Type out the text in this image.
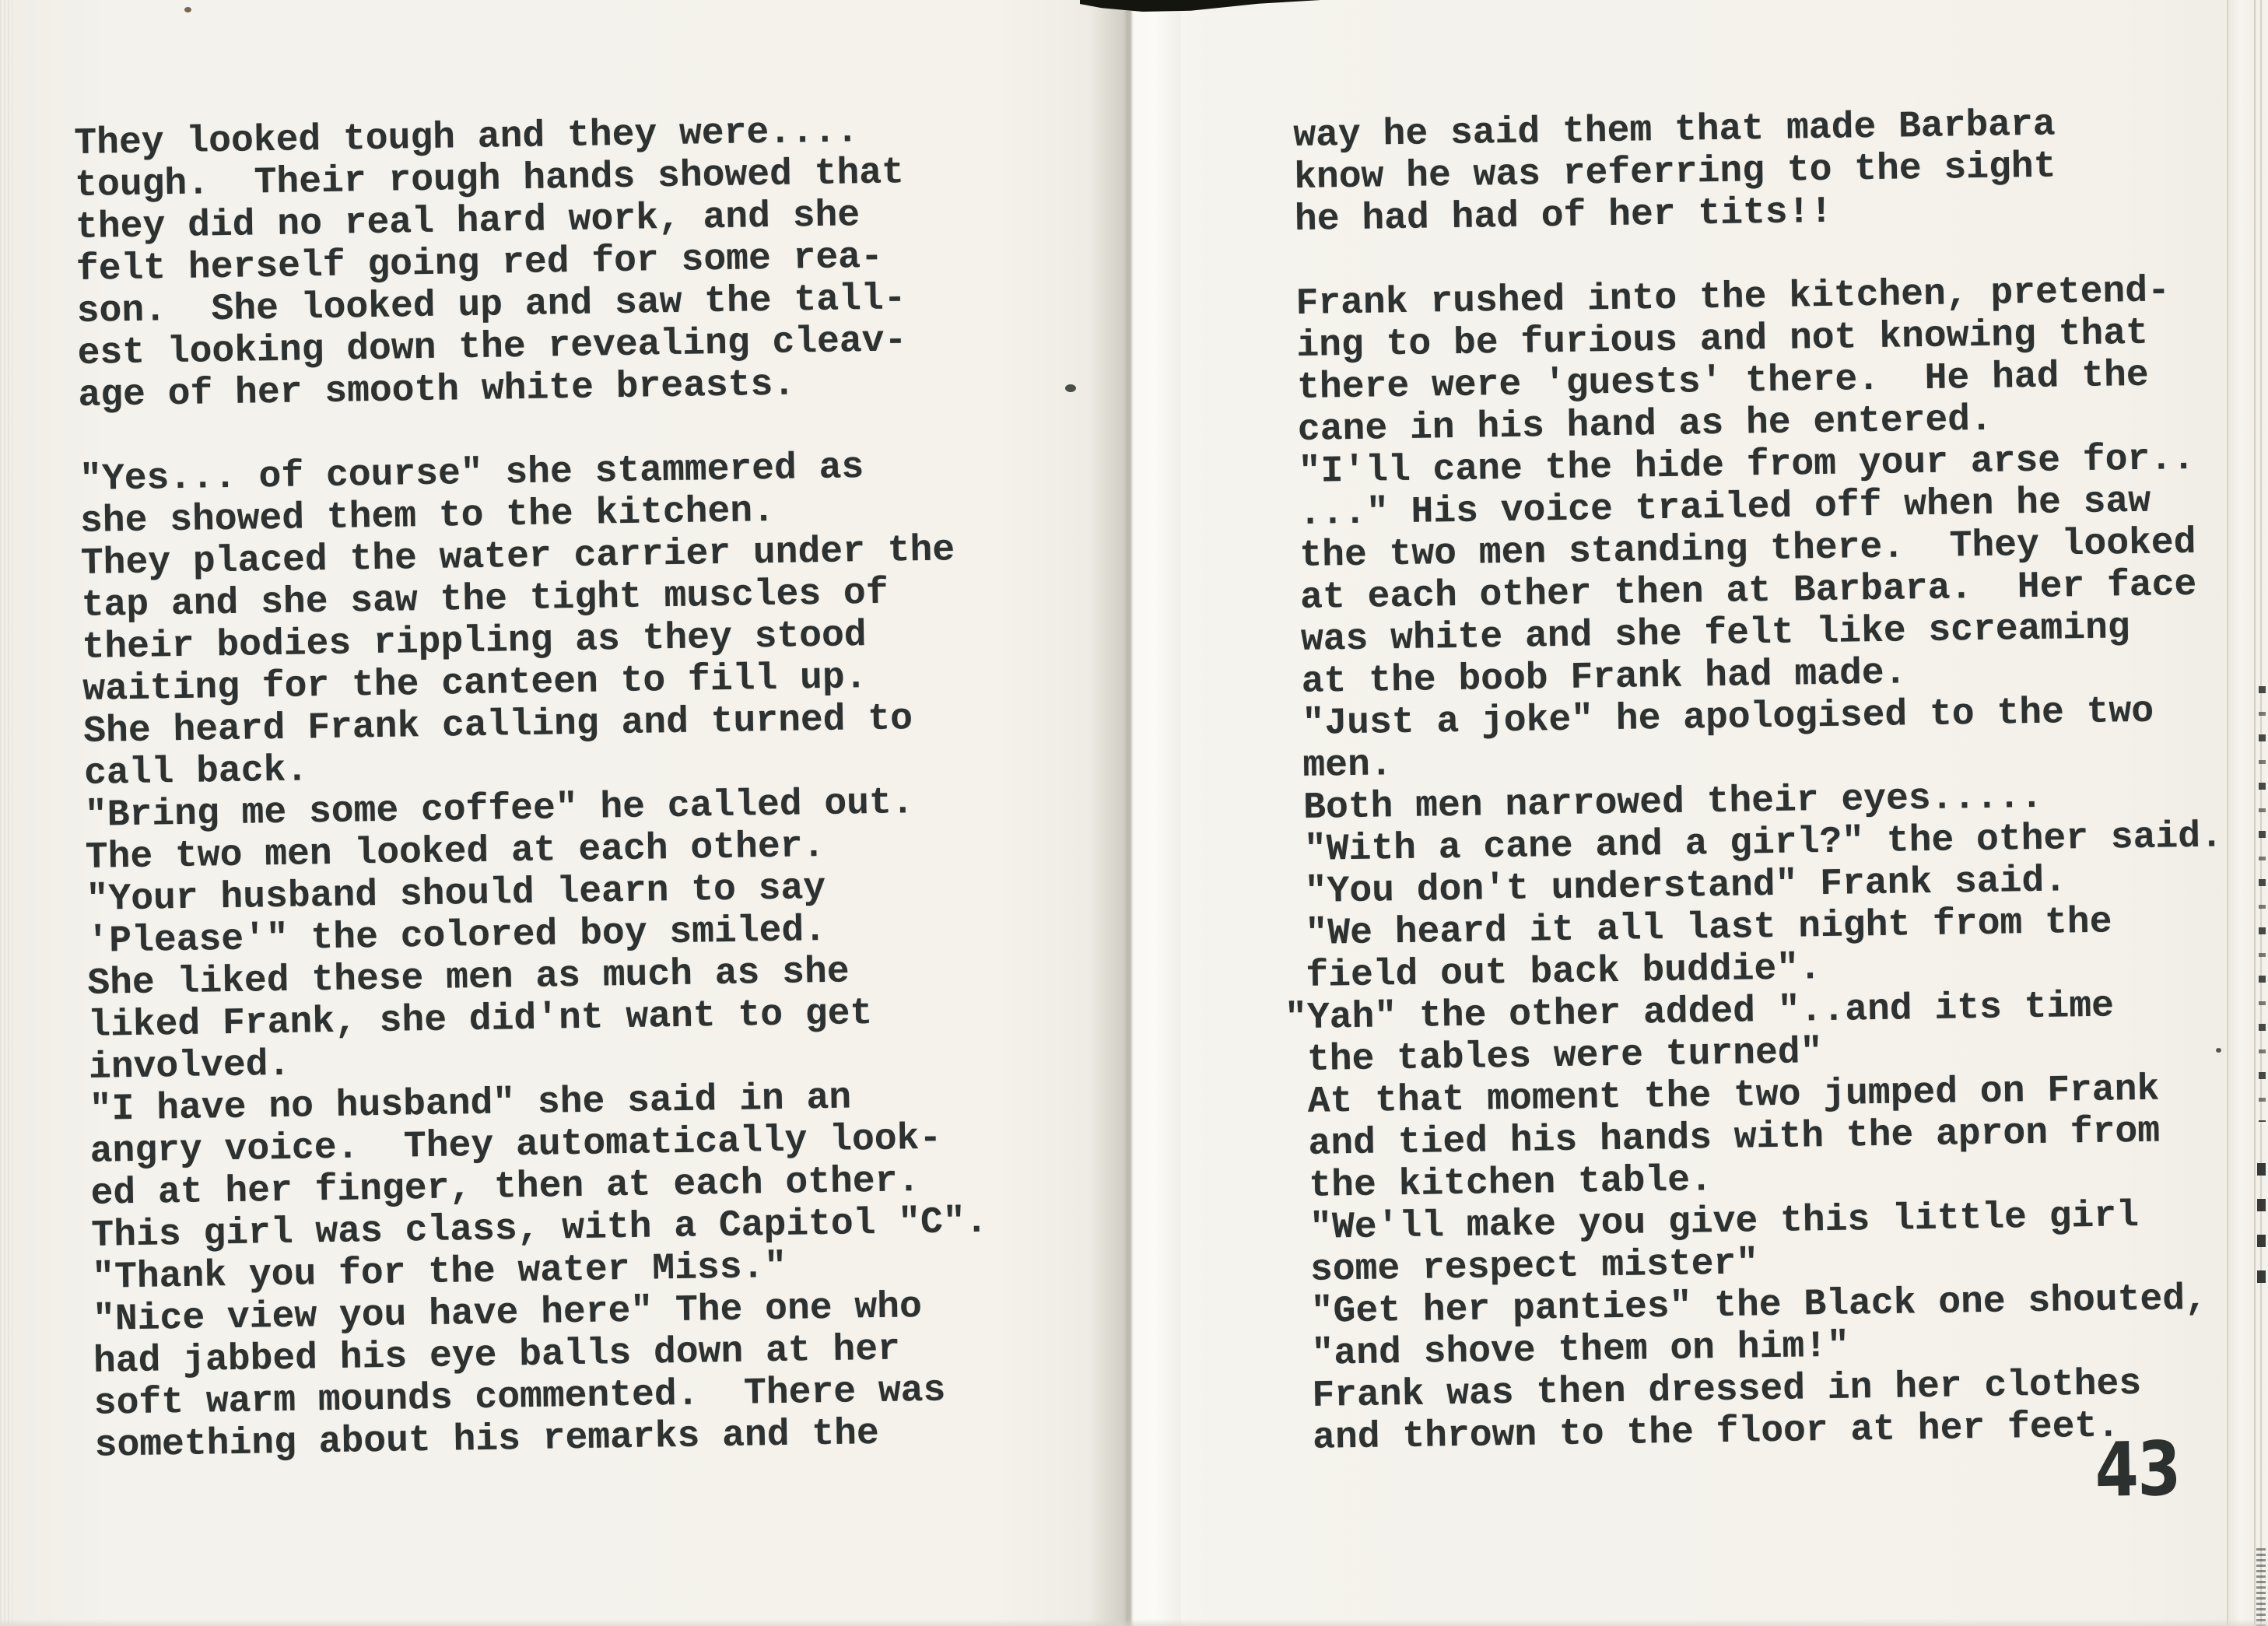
They looked tough and they were....
tough.  Their rough hands showed that
they did no real hard work, and she
felt herself going red for some rea-
son.  She looked up and saw the tall-
est looking down the revealing cleav-
age of her smooth white breasts.

"Yes... of course" she stammered as
she showed them to the kitchen.
They placed the water carrier under the
tap and she saw the tight muscles of
their bodies rippling as they stood
waiting for the canteen to fill up.
She heard Frank calling and turned to
call back.
"Bring me some coffee" he called out.
The two men looked at each other.
"Your husband should learn to say
'Please'" the colored boy smiled.
She liked these men as much as she
liked Frank, she did'nt want to get
involved.
"I have no husband" she said in an
angry voice.  They automatically look-
ed at her finger, then at each other.
This girl was class, with a Capitol "C".
"Thank you for the water Miss."
"Nice view you have here" The one who
had jabbed his eye balls down at her
soft warm mounds commented.  There was
something about his remarks and the
way he said them that made Barbara
know he was referring to the sight
he had had of her tits!!

Frank rushed into the kitchen, pretend-
ing to be furious and not knowing that
there were 'guests' there.  He had the
cane in his hand as he entered.
"I'll cane the hide from your arse for..
..." His voice trailed off when he saw
the two men standing there.  They looked
at each other then at Barbara.  Her face
was white and she felt like screaming
at the boob Frank had made.
"Just a joke" he apologised to the two
men.
Both men narrowed their eyes.....
"With a cane and a girl?" the other said.
"You don't understand" Frank said.
"We heard it all last night from the
field out back buddie".
"Yah" the other added "..and its time
the tables were turned"
At that moment the two jumped on Frank
and tied his hands with the apron from
the kitchen table.
"We'll make you give this little girl
some respect mister"
"Get her panties" the Black one shouted,
"and shove them on him!"
Frank was then dressed in her clothes
and thrown to the floor at her feet.
43
